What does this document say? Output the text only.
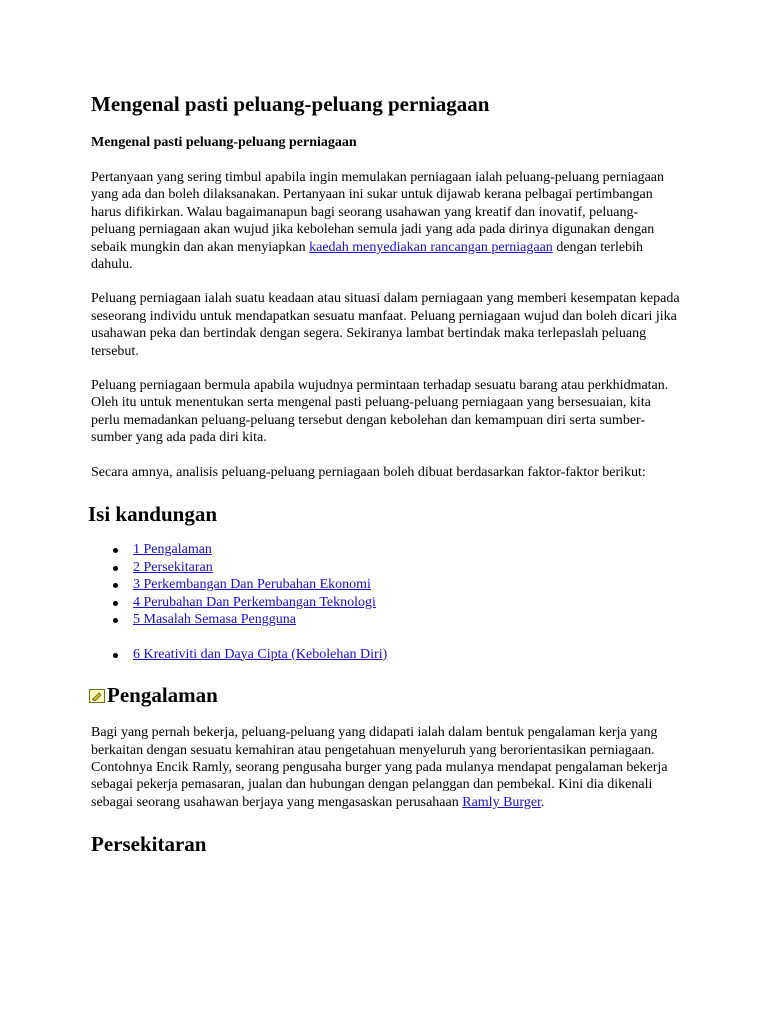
Mengenal pasti peluang-peluang perniagaan
Mengenal pasti peluang-peluang perniagaan

Pertanyaan yang sering timbul apabila ingin memulakan perniagaan ialah peluang-peluang perniagaan yang ada dan boleh dilaksanakan. Pertanyaan ini sukar untuk dijawab kerana pelbagai pertimbangan harus difikirkan. Walau bagaimanapun bagi seorang usahawan yang kreatif dan inovatif, peluang-peluang perniagaan akan wujud jika kebolehan semula jadi yang ada pada dirinya digunakan dengan sebaik mungkin dan akan menyiapkan kaedah menyediakan rancangan perniagaan dengan terlebih dahulu.

Peluang perniagaan ialah suatu keadaan atau situasi dalam perniagaan yang memberi kesempatan kepada seseorang individu untuk mendapatkan sesuatu manfaat. Peluang perniagaan wujud dan boleh dicari jika usahawan peka dan bertindak dengan segera. Sekiranya lambat bertindak maka terlepaslah peluang tersebut.

Peluang perniagaan bermula apabila wujudnya permintaan terhadap sesuatu barang atau perkhidmatan. Oleh itu untuk menentukan serta mengenal pasti peluang-peluang perniagaan yang bersesuaian, kita perlu memadankan peluang-peluang tersebut dengan kebolehan dan kemampuan diri serta sumber-sumber yang ada pada diri kita.

Secara amnya, analisis peluang-peluang perniagaan boleh dibuat berdasarkan faktor-faktor berikut:

Isi kandungan
1 Pengalaman
2 Persekitaran
3 Perkembangan Dan Perubahan Ekonomi
4 Perubahan Dan Perkembangan Teknologi
5 Masalah Semasa Pengguna
6 Kreativiti dan Daya Cipta (Kebolehan Diri)
Pengalaman

Bagi yang pernah bekerja, peluang-peluang yang didapati ialah dalam bentuk pengalaman kerja yang berkaitan dengan sesuatu kemahiran atau pengetahuan menyeluruh yang berorientasikan perniagaan. Contohnya Encik Ramly, seorang pengusaha burger yang pada mulanya mendapat pengalaman bekerja sebagai pekerja pemasaran, jualan dan hubungan dengan pelanggan dan pembekal. Kini dia dikenali sebagai seorang usahawan berjaya yang mengasaskan perusahaan Ramly Burger.

Persekitaran
